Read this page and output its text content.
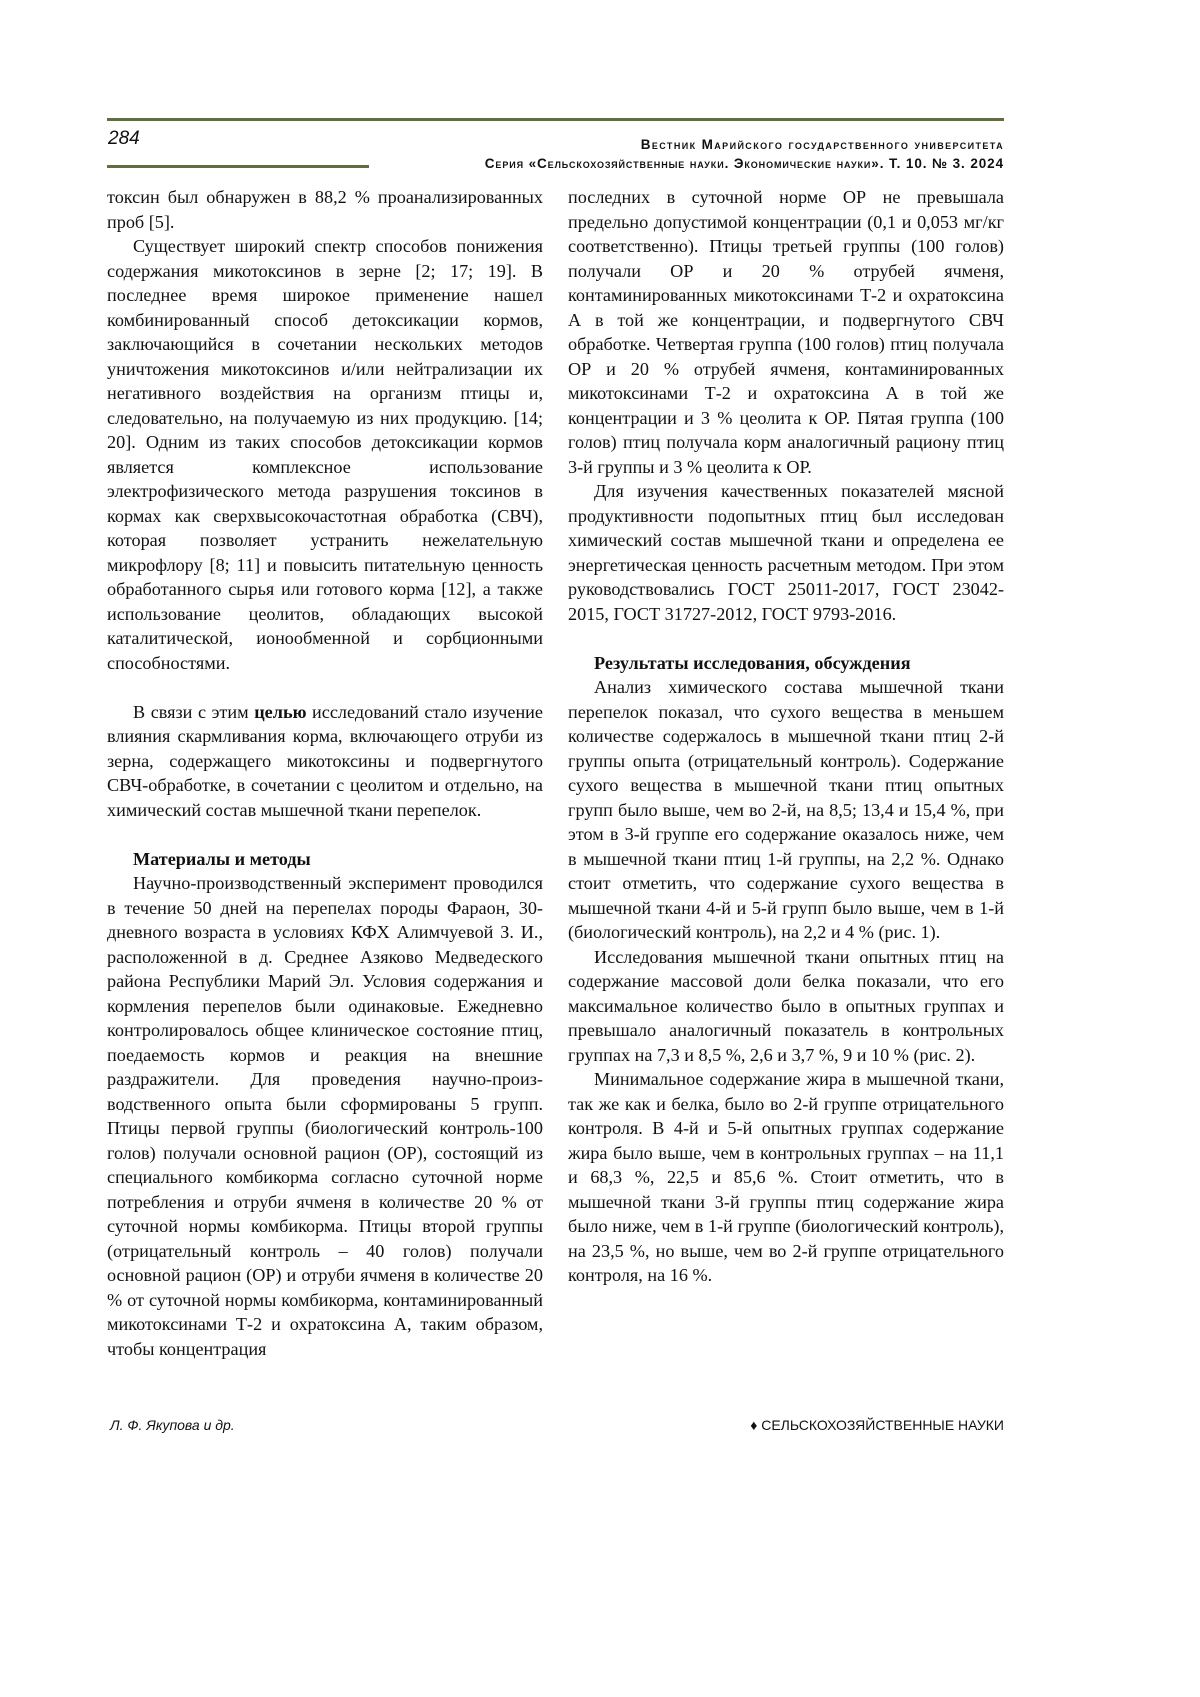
284	Вестник Марийского государственного университета
Серия «Сельскохозяйственные науки. Экономические науки». Т. 10. № 3. 2024

токсин был обнаружен в 88,2 % проанализированных проб [5].

Существует широкий спектр способов понижения содержания микотоксинов в зерне [2; 17; 19]. В последнее время широкое применение нашел комбинированный способ детоксикации кормов, заключающийся в сочетании нескольких методов уничтожения микотоксинов и/или нейтрализации их негативного воздействия на организм птицы и, следовательно, на получаемую из них продукцию. [14; 20]. Одним из таких способов детоксикации кормов является комплексное использование электрофизического метода разрушения токсинов в кормах как сверхвысокочастотная обработка (СВЧ), которая позволяет устранить нежелательную микрофлору [8; 11] и повысить питательную ценность обработанного сырья или готового корма [12], а также использование цеолитов, обладающих высокой каталитической, ионообменной и сорбционными способностями.

В связи с этим целью исследований стало изучение влияния скармливания корма, включающего отруби из зерна, содержащего микотоксины и подвергнутого СВЧ-обработке, в сочетании с цеолитом и отдельно, на химический состав мышечной ткани перепелок.

Материалы и методы

Научно-производственный эксперимент проводился в течение 50 дней на перепелах породы Фараон, 30-дневного возраста в условиях КФХ Алимчуевой З. И., расположенной в д. Среднее Азяково Медведеского района Республики Марий Эл. Условия содержания и кормления перепелов были одинаковые. Ежедневно контролировалось общее клиническое состояние птиц, поедаемость кормов и реакция на внешние раздражители. Для проведения научно-произ-водственного опыта были сформированы 5 групп. Птицы первой группы (биологический контроль-100 голов) получали основной рацион (ОР), состоящий из специального комбикорма согласно суточной норме потребления и отруби ячменя в количестве 20 % от суточной нормы комбикорма. Птицы второй группы (отрицательный контроль – 40 голов) получали основной рацион (ОР) и отруби ячменя в количестве 20 % от суточной нормы комбикорма, контаминированный микотоксинами Т-2 и охратоксина А, таким образом, чтобы концентрация

последних в суточной норме ОР не превышала предельно допустимой концентрации (0,1 и 0,053 мг/кг соответственно). Птицы третьей группы (100 голов) получали ОР и 20 % отрубей ячменя, контаминированных микотоксинами Т-2 и охратоксина А в той же концентрации, и подвергнутого СВЧ обработке. Четвертая группа (100 голов) птиц получала ОР и 20 % отрубей ячменя, контаминированных микотоксинами Т-2 и охратоксина А в той же концентрации и 3 % цеолита к ОР. Пятая группа (100 голов) птиц получала корм аналогичный рациону птиц 3-й группы и 3 % цеолита к ОР.

Для изучения качественных показателей мясной продуктивности подопытных птиц был исследован химический состав мышечной ткани и определена ее энергетическая ценность расчетным методом. При этом руководствовались ГОСТ 25011-2017, ГОСТ 23042-2015, ГОСТ 31727-2012, ГОСТ 9793-2016.

Результаты исследования, обсуждения

Анализ химического состава мышечной ткани перепелок показал, что сухого вещества в меньшем количестве содержалось в мышечной ткани птиц 2-й группы опыта (отрицательный контроль). Содержание сухого вещества в мышечной ткани птиц опытных групп было выше, чем во 2-й, на 8,5; 13,4 и 15,4 %, при этом в 3-й группе его содержание оказалось ниже, чем в мышечной ткани птиц 1-й группы, на 2,2 %. Однако стоит отметить, что содержание сухого вещества в мышечной ткани 4-й и 5-й групп было выше, чем в 1-й (биологический контроль), на 2,2 и 4 % (рис. 1).

Исследования мышечной ткани опытных птиц на содержание массовой доли белка показали, что его максимальное количество было в опытных группах и превышало аналогичный показатель в контрольных группах на 7,3 и 8,5 %, 2,6 и 3,7 %, 9 и 10 % (рис. 2).

Минимальное содержание жира в мышечной ткани, так же как и белка, было во 2-й группе отрицательного контроля. В 4-й и 5-й опытных группах содержание жира было выше, чем в контрольных группах – на 11,1 и 68,3 %, 22,5 и 85,6 %. Стоит отметить, что в мышечной ткани 3-й группы птиц содержание жира было ниже, чем в 1-й группе (биологический контроль), на 23,5 %, но выше, чем во 2-й группе отрицательного контроля, на 16 %.

Л. Ф. Якупова и др.	♦ СЕЛЬСКОХОЗЯЙСТВЕННЫЕ НАУКИ
